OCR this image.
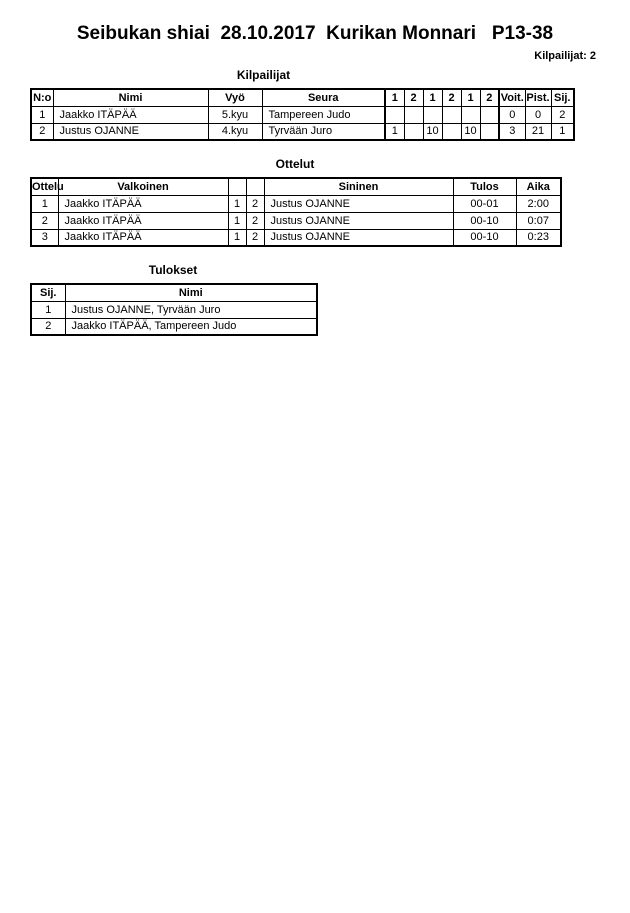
Seibukan shiai  28.10.2017  Kurikan Monnari   P13-38
Kilpailijat: 2
Kilpailijat
N:o	Nimi	Vyö	Seura	1	2	1	2	1	2	Voit.	Pist.	Sij.
1	Jaakko ITÄPÄÄ	5.kyu	Tampereen Judo							0	0	2
2	Justus OJANNE	4.kyu	Tyrvään Juro	1		10		10		3	21	1
Ottelut
Ottelu	Valkoinen			Sininen	Tulos	Aika
1	Jaakko ITÄPÄÄ	1	2	Justus OJANNE	00-01	2:00
2	Jaakko ITÄPÄÄ	1	2	Justus OJANNE	00-10	0:07
3	Jaakko ITÄPÄÄ	1	2	Justus OJANNE	00-10	0:23
Tulokset
Sij.	Nimi
1	Justus OJANNE, Tyrvään Juro
2	Jaakko ITÄPÄÄ, Tampereen Judo
